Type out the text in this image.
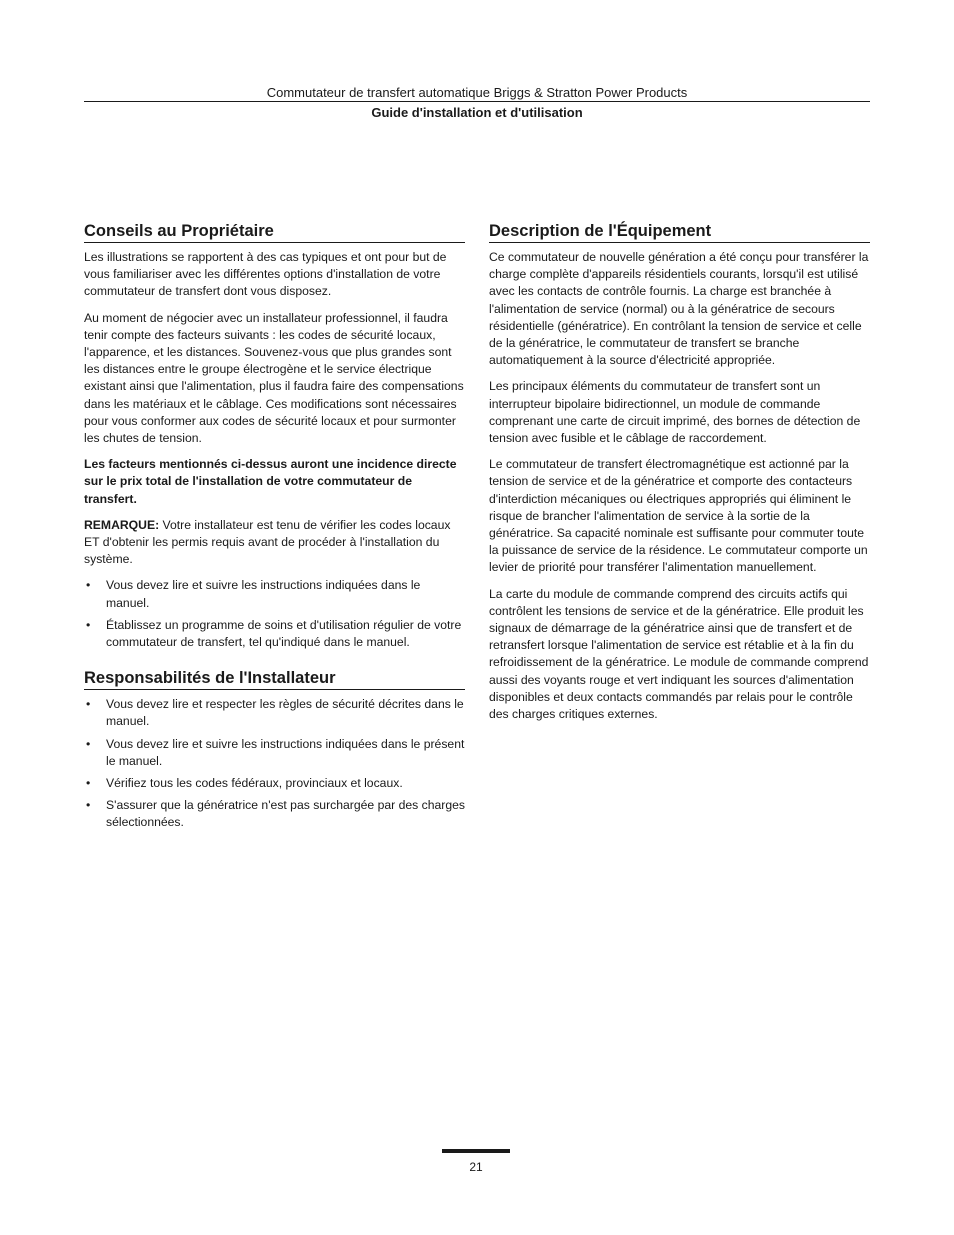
Commutateur de transfert automatique Briggs & Stratton Power Products
Guide d'installation et d'utilisation
Conseils au Propriétaire

Les illustrations se rapportent à des cas typiques et ont pour but de vous familiariser avec les différentes options d'installation de votre commutateur de transfert dont vous disposez.

Au moment de négocier avec un installateur professionnel, il faudra tenir compte des facteurs suivants : les codes de sécurité locaux, l'apparence, et les distances. Souvenez-vous que plus grandes sont les distances entre le groupe électrogène et le service électrique existant ainsi que l'alimentation, plus il faudra faire des compensations dans les matériaux et le câblage. Ces modifications sont nécessaires pour vous conformer aux codes de sécurité locaux et pour surmonter les chutes de tension.

Les facteurs mentionnés ci-dessus auront une incidence directe sur le prix total de l'installation de votre commutateur de transfert.

REMARQUE: Votre installateur est tenu de vérifier les codes locaux ET d'obtenir les permis requis avant de procéder à l'installation du système.

• Vous devez lire et suivre les instructions indiquées dans le manuel.
• Établissez un programme de soins et d'utilisation régulier de votre commutateur de transfert, tel qu'indiqué dans le manuel.
Responsabilités de l'Installateur
• Vous devez lire et respecter les règles de sécurité décrites dans le manuel.
• Vous devez lire et suivre les instructions indiquées dans le présent le manuel.
• Vérifiez tous les codes fédéraux, provinciaux et locaux.
• S'assurer que la génératrice n'est pas surchargée par des charges sélectionnées.
Description de l'Équipement

Ce commutateur de nouvelle génération a été conçu pour transférer la charge complète d'appareils résidentiels courants, lorsqu'il est utilisé avec les contacts de contrôle fournis. La charge est branchée à l'alimentation de service (normal) ou à la génératrice de secours résidentielle (génératrice). En contrôlant la tension de service et celle de la génératrice, le commutateur de transfert se branche automatiquement à la source d'électricité appropriée.

Les principaux éléments du commutateur de transfert sont un interrupteur bipolaire bidirectionnel, un module de commande comprenant une carte de circuit imprimé, des bornes de détection de tension avec fusible et le câblage de raccordement.

Le commutateur de transfert électromagnétique est actionné par la tension de service et de la génératrice et comporte des contacteurs d'interdiction mécaniques ou électriques appropriés qui éliminent le risque de brancher l'alimentation de service à la sortie de la génératrice. Sa capacité nominale est suffisante pour commuter toute la puissance de service de la résidence. Le commutateur comporte un levier de priorité pour transférer l'alimentation manuellement.

La carte du module de commande comprend des circuits actifs qui contrôlent les tensions de service et de la génératrice. Elle produit les signaux de démarrage de la génératrice ainsi que de transfert et de retransfert lorsque l'alimentation de service est rétablie et à la fin du refroidissement de la génératrice. Le module de commande comprend aussi des voyants rouge et vert indiquant les sources d'alimentation disponibles et deux contacts commandés par relais pour le contrôle des charges critiques externes.

21
